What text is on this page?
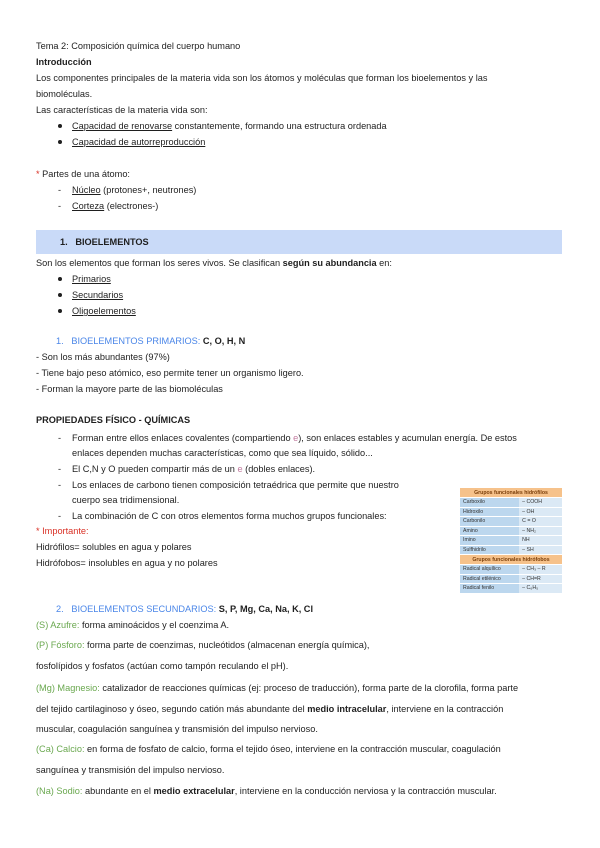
Tema 2: Composición química del cuerpo humano
Introducción
Los componentes principales de la materia vida son los átomos y moléculas que forman los bioelementos y las
biomoléculas.
Las características de la materia vida son:
Capacidad de renovarse constantemente, formando una estructura ordenada
Capacidad de autorreproducción
* Partes de una átomo:
- Núcleo (protones+, neutrones)
- Corteza (electrones-)
1. BIOELEMENTOS
Son los elementos que forman los seres vivos. Se clasifican según su abundancia en:
Primarios
Secundarios
Oligoelementos
1. BIOELEMENTOS PRIMARIOS: C, O, H, N
- Son los más abundantes (97%)
- Tiene bajo peso atómico, eso permite tener un organismo ligero.
- Forman la mayore parte de las biomoléculas
PROPIEDADES FÍSICO - QUÍMICAS
- Forman entre ellos enlaces covalentes (compartiendo e), son enlaces estables y acumulan energía. De estos
enlaces dependen muchas características, como que sea líquido, sólido...
- El C,N y O pueden compartir más de un e (dobles enlaces).
- Los enlaces de carbono tienen composición tetraédrica que permite que nuestro
cuerpo sea tridimensional.
- La combinación de C con otros elementos forma muchos grupos funcionales:
* Importante:
Hidrófilos= solubles en agua y polares
Hidrófobos= insolubles en agua y no polares
Grupos funcionales hidrófilos
Carboxilo	– COOH
Hidroxilo	– OH
Carbonilo	C = O
Amino	– NH₂
Imino	NH
Sulfhidrilo	– SH
Grupos funcionales hidrófobos
Radical alquílico	– CH₃ – R
Radical etilénico	– CH=R
Radical fenilo	– C₆H₅
2. BIOELEMENTOS SECUNDARIOS: S, P, Mg, Ca, Na, K, Cl
(S) Azufre: forma aminoácidos y el coenzima A.
(P) Fósforo: forma parte de coenzimas, nucleótidos (almacenan energía química),
fosfolípidos y fosfatos (actúan como tampón reculando el pH).
(Mg) Magnesio: catalizador de reacciones químicas (ej: proceso de traducción), forma parte de la clorofila, forma parte
del tejido cartilaginoso y óseo, segundo catión más abundante del medio intracelular, interviene en la contracción
muscular, coagulación sanguínea y transmisión del impulso nervioso.
(Ca) Calcio: en forma de fosfato de calcio, forma el tejido óseo, interviene en la contracción muscular, coagulación
sanguínea y transmisión del impulso nervioso.
(Na) Sodio: abundante en el medio extracelular, interviene en la conducción nerviosa y la contracción muscular.
